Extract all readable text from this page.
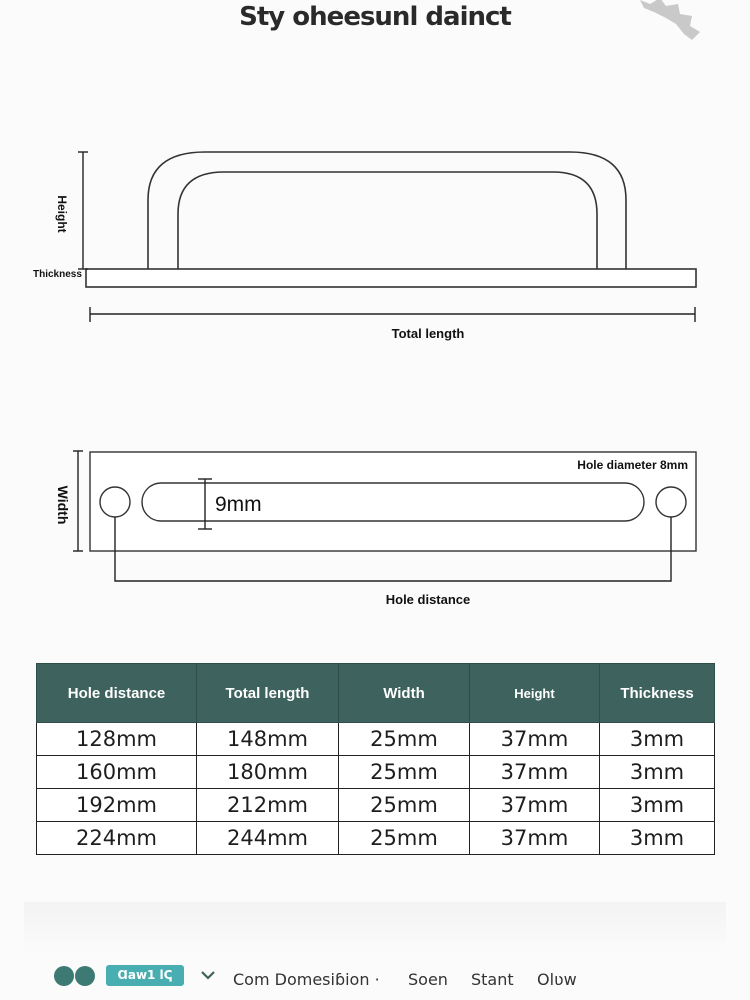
Sty oheesunl dainct
Height
Thickness
Total length
9mm
Hole diameter 8mm
Width
Hole distance
Hole distance	Total length	Width	Height	Thickness
128mm	148mm	25mm	37mm	3mm
160mm	180mm	25mm	37mm	3mm
192mm	212mm	25mm	37mm	3mm
224mm	244mm	25mm	37mm	3mm
Ɑaw1 lↅ	Com Domesiɓion · Soen Stant Olʋw
